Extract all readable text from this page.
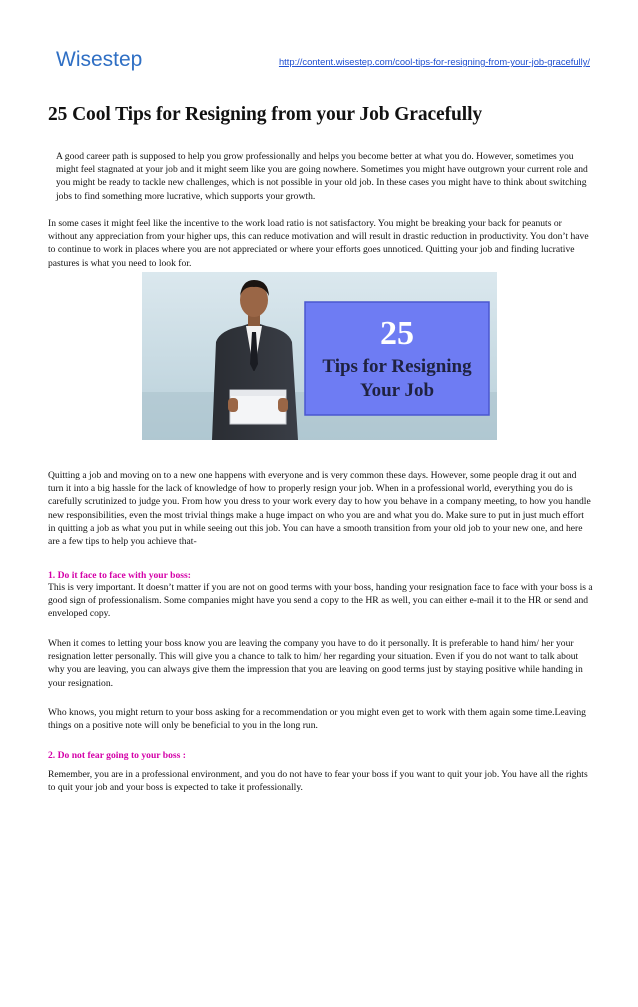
Wisestep	http://content.wisestep.com/cool-tips-for-resigning-from-your-job-gracefully/
25 Cool Tips for Resigning from your Job Gracefully

A good career path is supposed to help you grow professionally and helps you become better at what you do. However, sometimes you might feel stagnated at your job and it might seem like you are going nowhere. Sometimes you might have outgrown your current role and you might be ready to tackle new challenges, which is not possible in your old job. In these cases you might have to think about switching jobs to find something more lucrative, which supports your growth.

In some cases it might feel like the incentive to the work load ratio is not satisfactory. You might be breaking your back for peanuts or without any appreciation from your higher ups, this can reduce motivation and will result in drastic reduction in productivity. You don’t have to continue to work in places where you are not appreciated or where your efforts goes unnoticed. Quitting your job and finding lucrative pastures is what you need to look for.

25
Tips for Resigning
Your Job

Quitting a job and moving on to a new one happens with everyone and is very common these days. However, some people drag it out and turn it into a big hassle for the lack of knowledge of how to properly resign your job. When in a professional world, everything you do is carefully scrutinized to judge you. From how you dress to your work every day to how you behave in a company meeting, to how you handle new responsibilities, even the most trivial things make a huge impact on who you are and what you do. Make sure to put in just much effort in quitting a job as what you put in while seeing out this job. You can have a smooth transition from your old job to your new one, and here are a few tips to help you achieve that-

1. Do it face to face with your boss:

This is very important. It doesn’t matter if you are not on good terms with your boss, handing your resignation face to face with your boss is a good sign of professionalism. Some companies might have you send a copy to the HR as well, you can either e-mail it to the HR or send and enveloped copy.

When it comes to letting your boss know you are leaving the company you have to do it personally. It is preferable to hand him/ her your resignation letter personally. This will give you a chance to talk to him/ her regarding your situation. Even if you do not want to talk about why you are leaving, you can always give them the impression that you are leaving on good terms just by staying positive while handing in your resignation.

Who knows, you might return to your boss asking for a recommendation or you might even get to work with them again some time.Leaving things on a positive note will only be beneficial to you in the long run.

2. Do not fear going to your boss :

Remember, you are in a professional environment, and you do not have to fear your boss if you want to quit your job. You have all the rights to quit your job and your boss is expected to take it professionally.
